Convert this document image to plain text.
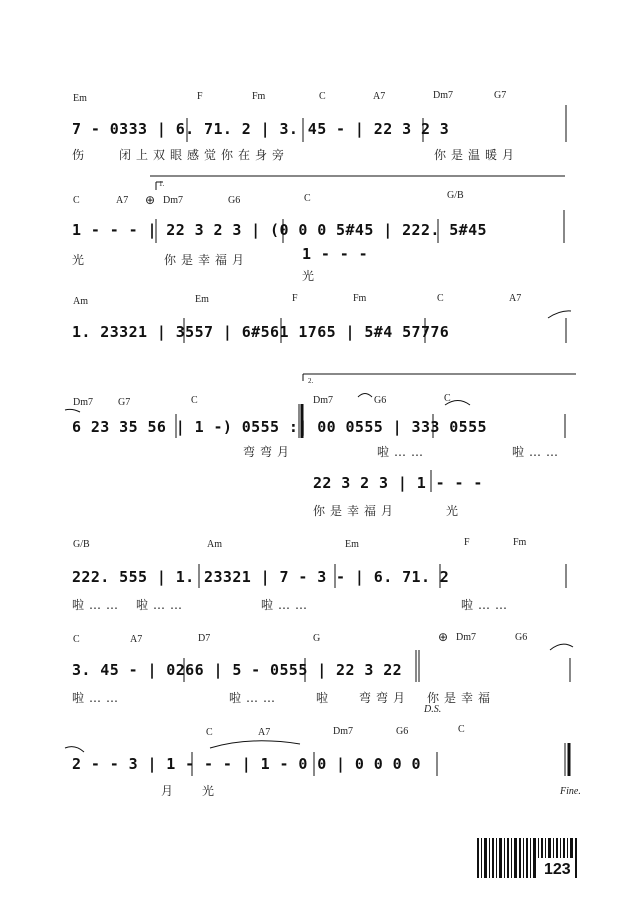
Em	F	Fm	C	A7	Dm7	G7
7 - 0333 | 6. 71. 2 | 3. 45 - | 22 3 2 3
伤 闭上双眼感觉你在身旁	你是温暖月
C	A7
1.
⊕ Dm7	G6	C	G/B
1 - - - | 22 3 2 3 | (0 0 0 5#45 | 222. 5#45
1 - - -
光	你是幸福月
光
Am	Em	F	Fm	C	A7
1. 23321 | 3557 | 6#561 1765 | 5#4 57776
Dm7	G7	C
2.
Dm7	G6	C
6 23 35 56 | 1 -) 0555 :| 00 0555 | 333 0555
弯弯月	啦……	啦……
22 3 2 3 | 1 - - -
你是幸福月	光
G/B	Am	Em	F	Fm
222. 555 | 1. 23321 | 7 - 3 - | 6. 71. 2
啦…… 啦……	啦……	啦……
C	A7	D7	G	⊕ Dm7	G6
3. 45 - | 0266 | 5 - 0555 | 22 3 22
啦……	啦……	啦 弯弯月 你是幸福
D.S.
C	A7	Dm7	G6	C
2 - - 3 | 1 - - - | 1 - 0 0 | 0 0 0 0
月 光	Fine.
123
